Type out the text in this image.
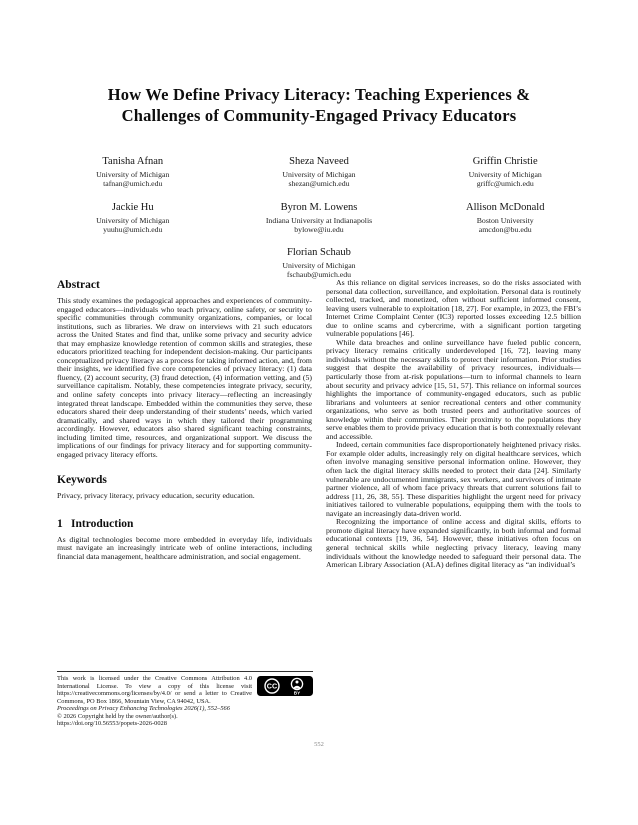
How We Define Privacy Literacy: Teaching Experiences &
Challenges of Community-Engaged Privacy Educators
Tanisha Afnan
University of Michigan
tafnan@umich.edu
Sheza Naveed
University of Michigan
shezan@umich.edu
Griffin Christie
University of Michigan
griffc@umich.edu
Jackie Hu
University of Michigan
yuuhu@umich.edu
Byron M. Lowens
Indiana University at Indianapolis
bylowe@iu.edu
Allison McDonald
Boston University
amcdon@bu.edu
Florian Schaub
University of Michigan
fschaub@umich.edu
Abstract

This study examines the pedagogical approaches and experiences of community-engaged educators—individuals who teach privacy, online safety, or security to specific communities through community organizations, companies, or local institutions, such as libraries. We draw on interviews with 21 such educators across the United States and find that, unlike some privacy and security advice that may emphasize knowledge retention of common skills and strategies, these educators prioritized teaching for independent decision-making. Our participants conceptualized privacy literacy as a process for taking informed action, and, from their insights, we identified five core competencies of privacy literacy: (1) data fluency, (2) account security, (3) fraud detection, (4) information vetting, and (5) surveillance capitalism. Notably, these competencies integrate privacy, security, and online safety concepts into privacy literacy—reflecting an increasingly integrated threat landscape. Embedded within the communities they serve, these educators shared their deep understanding of their students’ needs, which varied dramatically, and shared ways in which they tailored their programming accordingly. However, educators also shared significant teaching constraints, including limited time, resources, and organizational support. We discuss the implications of our findings for privacy literacy and for supporting community-engaged privacy literacy efforts.

Keywords

Privacy, privacy literacy, privacy education, security education.

1 Introduction

As digital technologies become more embedded in everyday life, individuals must navigate an increasingly intricate web of online interactions, including financial data management, healthcare administration, and social engagement.

As this reliance on digital services increases, so do the risks associated with personal data collection, surveillance, and exploitation. Personal data is routinely collected, tracked, and monetized, often without sufficient informed consent, leaving users vulnerable to exploitation [18, 27]. For example, in 2023, the FBI’s Internet Crime Complaint Center (IC3) reported losses exceeding 12.5 billion due to online scams and cybercrime, with a significant portion targeting vulnerable populations [46].

While data breaches and online surveillance have fueled public concern, privacy literacy remains critically underdeveloped [16, 72], leaving many individuals without the necessary skills to protect their information. Prior studies suggest that despite the availability of privacy resources, individuals—particularly those from at-risk populations—turn to informal channels to learn about security and privacy advice [15, 51, 57]. This reliance on informal sources highlights the importance of community-engaged educators, such as public librarians and volunteers at senior recreational centers and other community organizations, who serve as both trusted peers and authoritative sources of knowledge within their communities. Their proximity to the populations they serve enables them to provide privacy education that is both contextually relevant and accessible.

Indeed, certain communities face disproportionately heightened privacy risks. For example older adults, increasingly rely on digital healthcare services, which often involve managing sensitive personal information online. However, they often lack the digital literacy skills needed to protect their data [24]. Similarly vulnerable are undocumented immigrants, sex workers, and survivors of intimate partner violence, all of whom face privacy threats that current solutions fail to address [11, 26, 38, 55]. These disparities highlight the urgent need for privacy initiatives tailored to vulnerable populations, equipping them with the tools to navigate an increasingly data-driven world.

Recognizing the importance of online access and digital skills, efforts to promote digital literacy have expanded significantly, in both informal and formal educational contexts [19, 36, 54]. However, these initiatives often focus on general technical skills while neglecting privacy literacy, leaving many individuals without the knowledge needed to safeguard their personal data. The American Library Association (ALA) defines digital literacy as “an individual’s

CC
BY
This work is licensed under the Creative Commons Attribution 4.0 International License. To view a copy of this license visit https://creativecommons.org/licenses/by/4.0/ or send a letter to Creative Commons, PO Box 1866, Mountain View, CA 94042, USA.
Proceedings on Privacy Enhancing Technologies 2026(1), 552–566
© 2026 Copyright held by the owner/author(s).
https://doi.org/10.56553/popets-2026-0028
552
